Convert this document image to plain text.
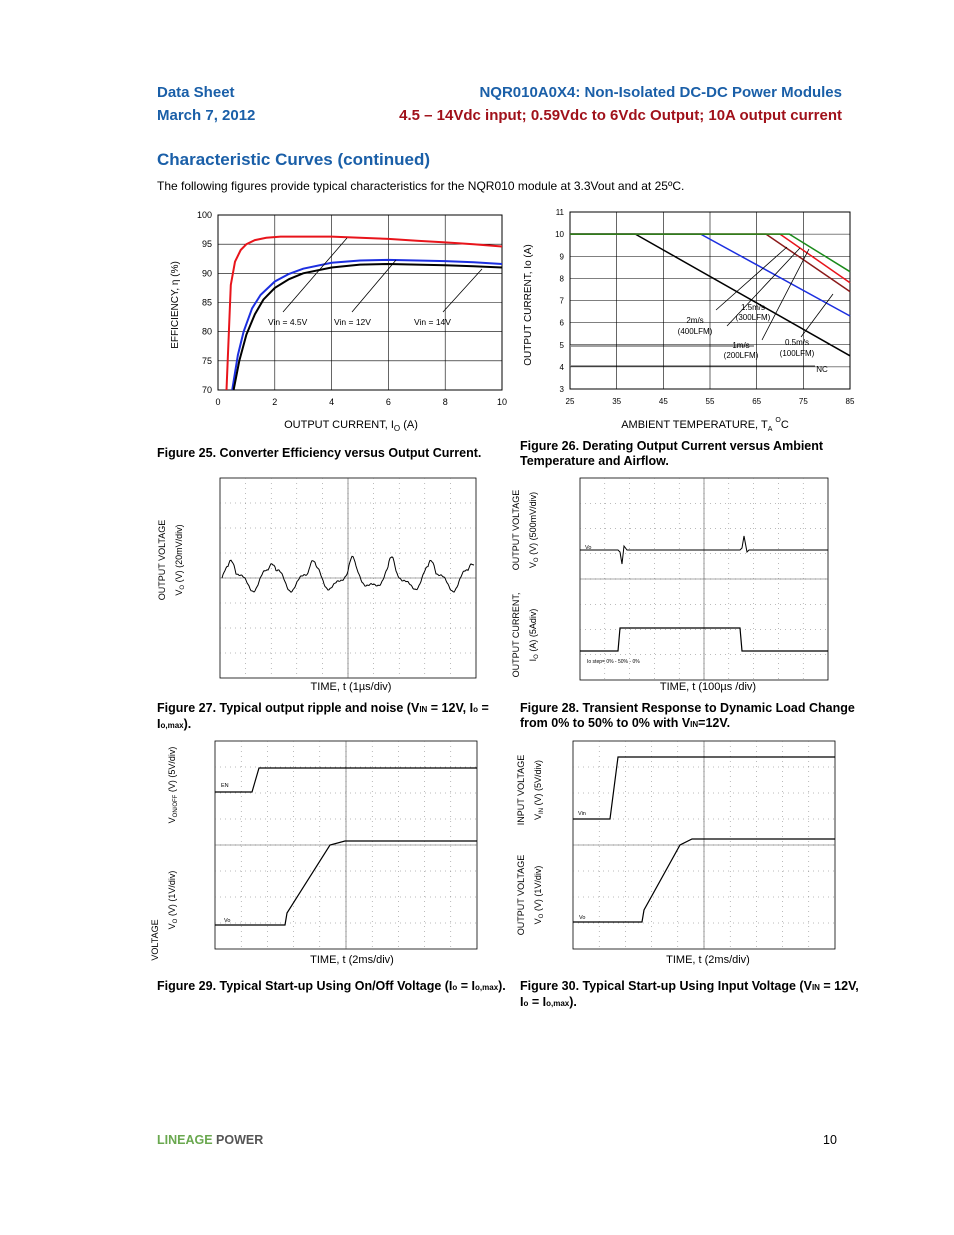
Data Sheet
March 7, 2012
NQR010A0X4: Non-Isolated DC-DC Power Modules
4.5 – 14Vdc input; 0.59Vdc to 6Vdc Output; 10A output current
Characteristic Curves (continued)
The following figures provide typical characteristics for the NQR010 module at 3.3Vout and at 25ºC.
0	2	4	6	8	10
70
75
80
85
90
95
100
Vin = 4.5V	Vin = 12V	Vin = 14V
EFFICIENCY, η (%)
OUTPUT CURRENT, $I_O$ (A)
Figure 25. Converter Efficiency versus Output Current.
25	35	45	55	65	75	85
3
4
5
6
7
8
9
10
11
1.5m/s
(300LFM)
2m/s
(400LFM)
1m/s
(200LFM)
0.5m/s
(100LFM)
NC
OUTPUT CURRENT, Io (A)
AMBIENT TEMPERATURE, $T_A^OC$
Figure 26. Derating Output Current versus Ambient Temperature and Airflow.
OUTPUT VOLTAGE $V_O$ (V) (20mV/div)
TIME, t (1µs/div)
Figure 27. Typical output ripple and noise (VIN = 12V, Io = Io,max).
Vo
Io step= 0% - 50% - 0%
OUTPUT VOLTAGE $V_O$ (V) (500mV/div)
OUTPUT CURRENT, $I_O$ (A) (5Adiv)
TIME, t (100µs /div)
Figure 28. Transient Response to Dynamic Load Change from 0% to 50% to 0% with VIN=12V.
EN
Vo
$V_{ON/OFF}$ (V) (5V/div)
VOLTAGE $V_O$ (V) (1V/div)
TIME, t (2ms/div)
Figure 29. Typical Start-up Using On/Off Voltage (Io = Io,max).
Vin
Vo
INPUT VOLTAGE $V_{IN}$ (V) (5V/div)
OUTPUT VOLTAGE $V_O$ (V) (1V/div)
TIME, t (2ms/div)
Figure 30. Typical Start-up Using Input Voltage (VIN = 12V, Io = Io,max).
LINEAGE POWER	10
